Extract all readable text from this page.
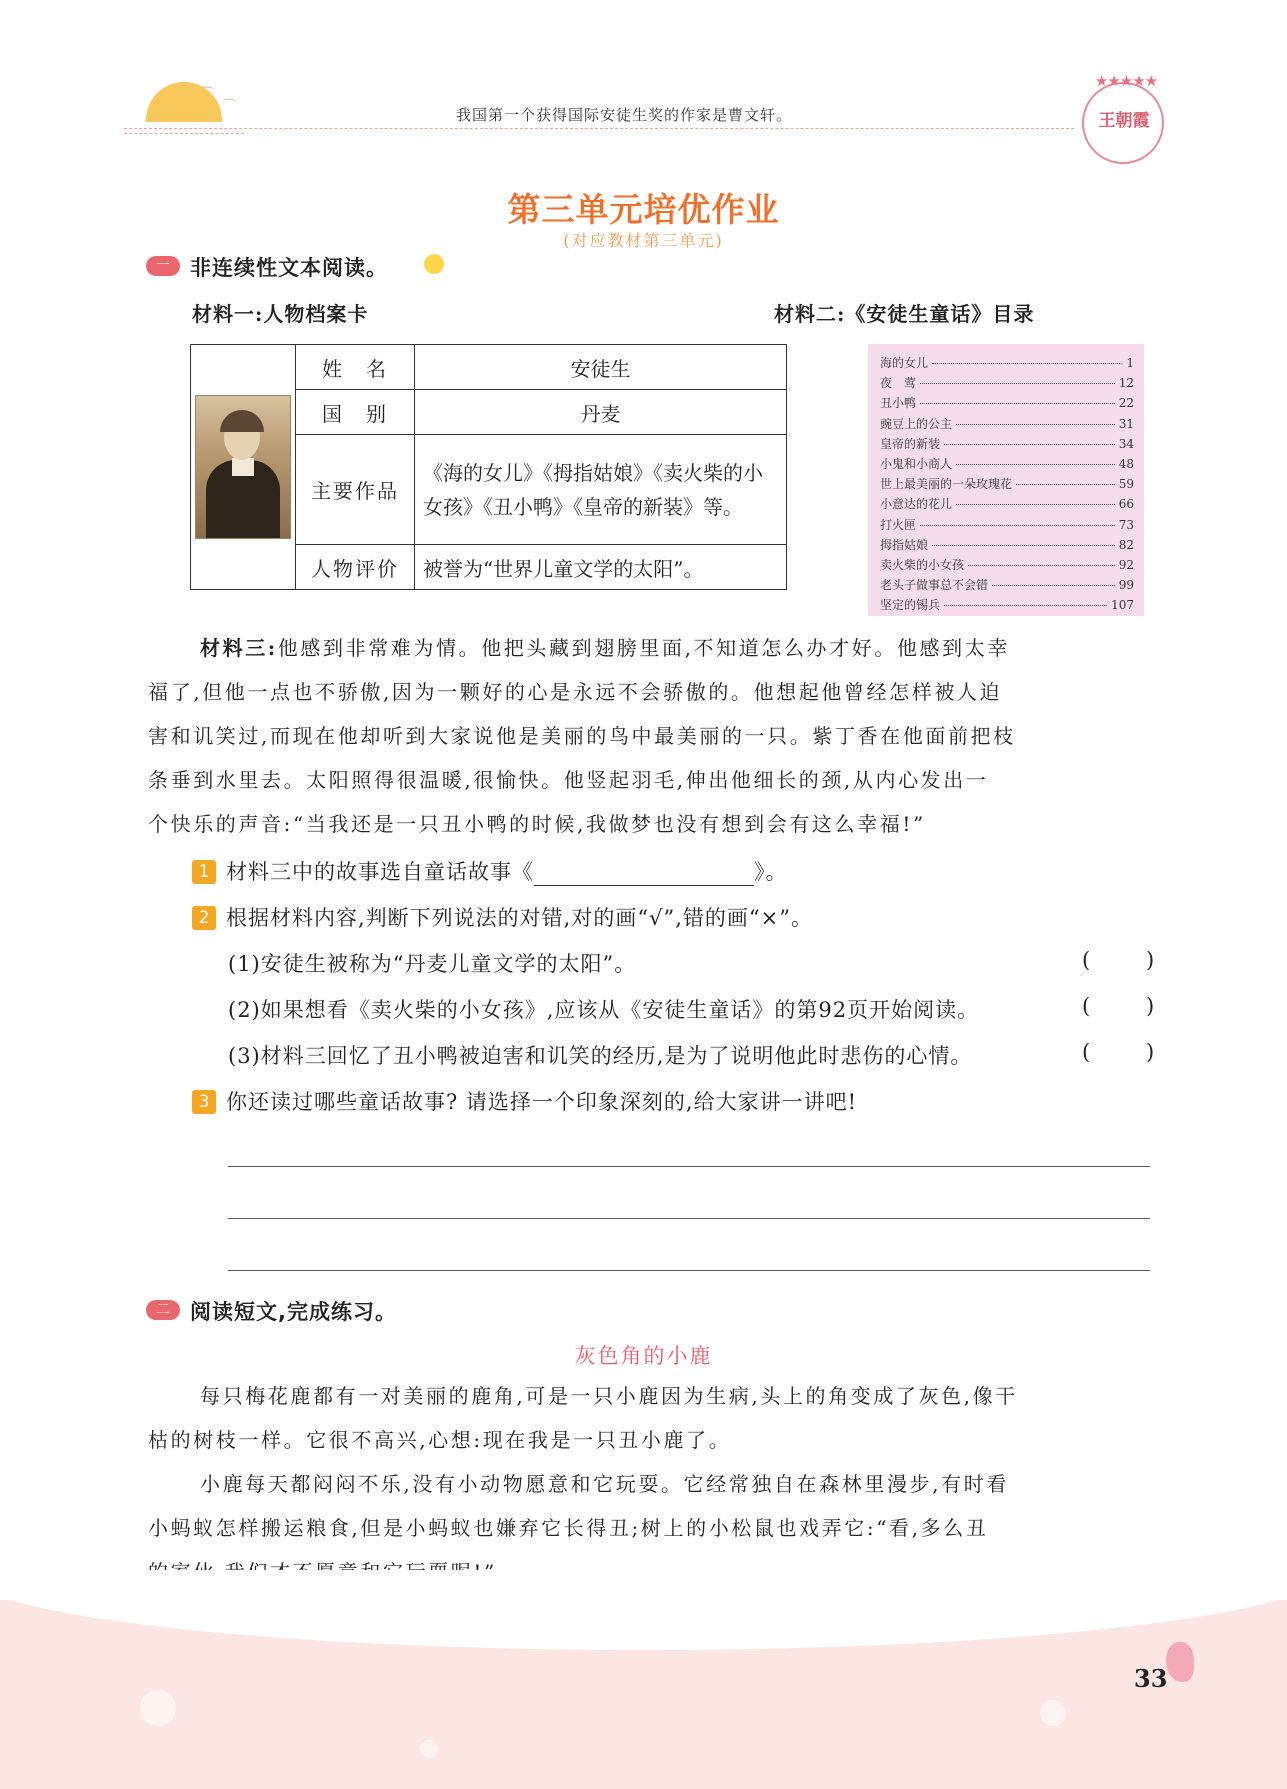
⌒
⌒	我国第一个获得国际安徒生奖的作家是曹文轩。
★★★★★
王朝霞
第三单元培优作业
(对应教材第三单元)
一 非连续性文本阅读。
材料一:人物档案卡	材料二:《安徒生童话》目录
	姓　名	安徒生
	国　别	丹麦
	主要作品	《海的女儿》《拇指姑娘》《卖火柴的小女孩》《丑小鸭》《皇帝的新装》等。
	人物评价	被誉为“世界儿童文学的太阳”。
海的女儿	1
夜　莺	12
丑小鸭	22
豌豆上的公主	31
皇帝的新装	34
小鬼和小商人	48
世上最美丽的一朵玫瑰花	59
小意达的花儿	66
打火匣	73
拇指姑娘	82
卖火柴的小女孩	92
老头子做事总不会错	99
坚定的锡兵	107
材料三:他感到非常难为情。他把头藏到翅膀里面,不知道怎么办才好。他感到太幸
福了,但他一点也不骄傲,因为一颗好的心是永远不会骄傲的。他想起他曾经怎样被人迫
害和讥笑过,而现在他却听到大家说他是美丽的鸟中最美丽的一只。紫丁香在他面前把枝
条垂到水里去。太阳照得很温暖,很愉快。他竖起羽毛,伸出他细长的颈,从内心发出一
个快乐的声音:“当我还是一只丑小鸭的时候,我做梦也没有想到会有这么幸福!”
1 材料三中的故事选自童话故事《	》。
2 根据材料内容,判断下列说法的对错,对的画“√”,错的画“×”。
(1)安徒生被称为“丹麦儿童文学的太阳”。	(	)
(2)如果想看《卖火柴的小女孩》,应该从《安徒生童话》的第92页开始阅读。	(	)
(3)材料三回忆了丑小鸭被迫害和讥笑的经历,是为了说明他此时悲伤的心情。	(	)
3 你还读过哪些童话故事? 请选择一个印象深刻的,给大家讲一讲吧!
二 阅读短文,完成练习。
灰色角的小鹿
每只梅花鹿都有一对美丽的鹿角,可是一只小鹿因为生病,头上的角变成了灰色,像干
枯的树枝一样。它很不高兴,心想:现在我是一只丑小鹿了。
小鹿每天都闷闷不乐,没有小动物愿意和它玩耍。它经常独自在森林里漫步,有时看
小蚂蚁怎样搬运粮食,但是小蚂蚁也嫌弃它长得丑;树上的小松鼠也戏弄它:“看,多么丑
33
